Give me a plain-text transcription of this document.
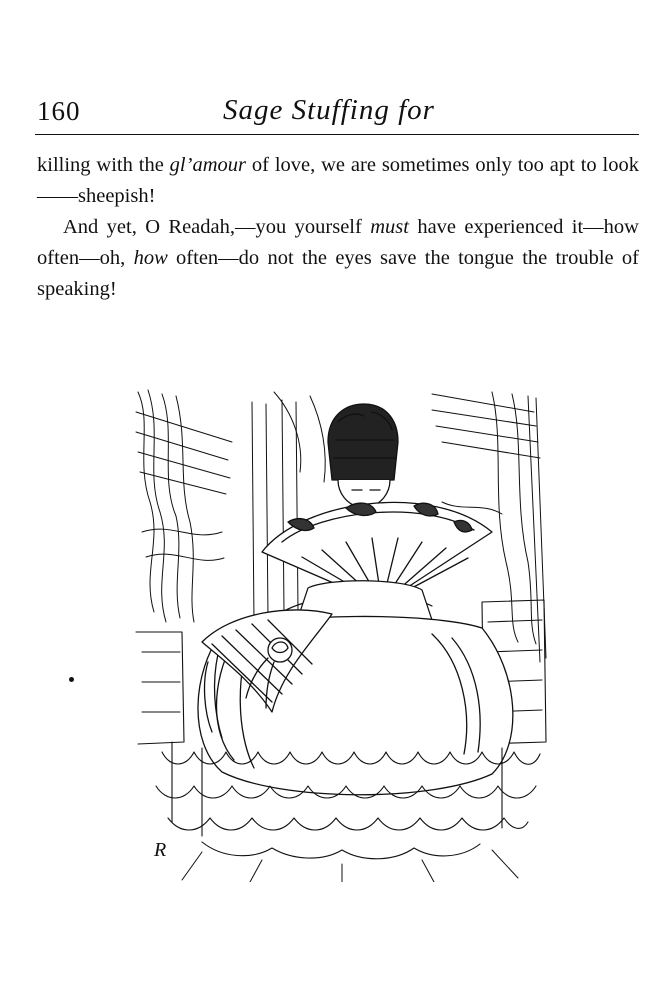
160	Sage Stuffing for

killing with the gl’amour of love, we are sometimes only too apt to look——sheepish!

And yet, O Readah,—you yourself must have experienced it—how often—oh, how often—do not the eyes save the tongue the trouble of speaking!

R
